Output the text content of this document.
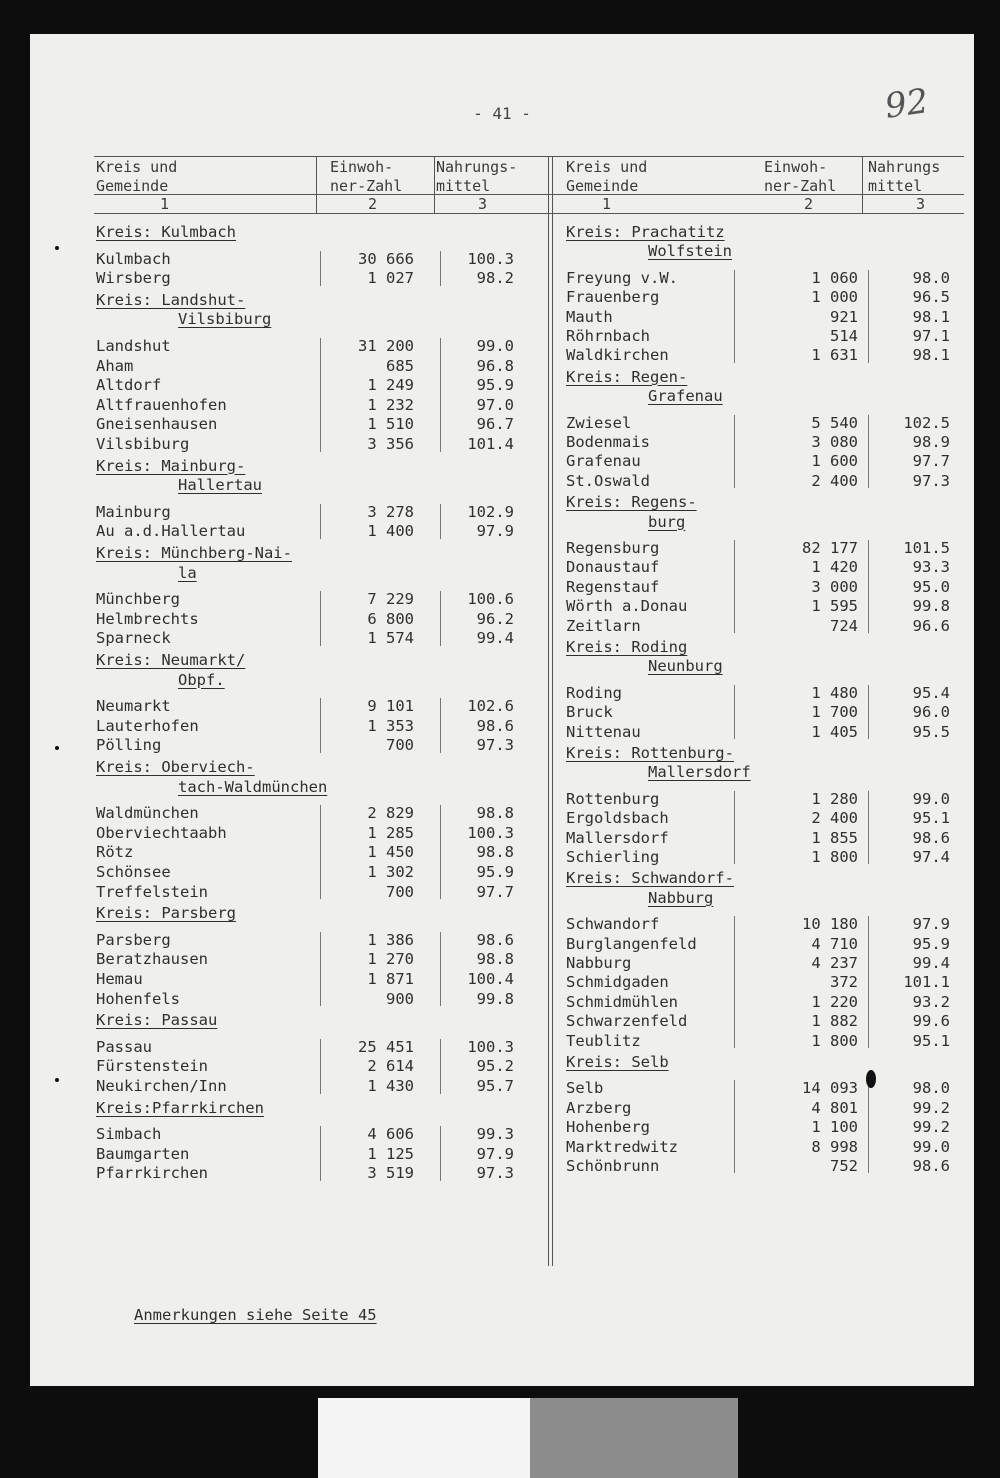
- 41 -	92
Kreis und
Gemeinde
Einwoh-
ner-Zahl
Nahrungs-
mittel
Kreis und
Gemeinde
Einwoh-
ner-Zahl
Nahrungs
mittel
1	2	3	1	2	3
Kreis: Kulmbach
Kulmbach	30 666	100.3
Wirsberg	1 027	98.2
Kreis: Landshut-
Vilsbiburg
Landshut	31 200	99.0
Aham	685	96.8
Altdorf	1 249	95.9
Altfrauenhofen	1 232	97.0
Gneisenhausen	1 510	96.7
Vilsbiburg	3 356	101.4
Kreis: Mainburg-
Hallertau
Mainburg	3 278	102.9
Au a.d.Hallertau	1 400	97.9
Kreis: Münchberg-Nai-
la
Münchberg	7 229	100.6
Helmbrechts	6 800	96.2
Sparneck	1 574	99.4
Kreis: Neumarkt/
Obpf.
Neumarkt	9 101	102.6
Lauterhofen	1 353	98.6
Pölling	700	97.3
Kreis: Oberviech-
tach-Waldmünchen
Waldmünchen	2 829	98.8
Oberviechtaabh	1 285	100.3
Rötz	1 450	98.8
Schönsee	1 302	95.9
Treffelstein	700	97.7
Kreis: Parsberg
Parsberg	1 386	98.6
Beratzhausen	1 270	98.8
Hemau	1 871	100.4
Hohenfels	900	99.8
Kreis: Passau
Passau	25 451	100.3
Fürstenstein	2 614	95.2
Neukirchen/Inn	1 430	95.7
Kreis:Pfarrkirchen
Simbach	4 606	99.3
Baumgarten	1 125	97.9
Pfarrkirchen	3 519	97.3
Kreis: Prachatitz
Wolfstein
Freyung v.W.	1 060	98.0
Frauenberg	1 000	96.5
Mauth	921	98.1
Röhrnbach	514	97.1
Waldkirchen	1 631	98.1
Kreis: Regen-
Grafenau
Zwiesel	5 540	102.5
Bodenmais	3 080	98.9
Grafenau	1 600	97.7
St.Oswald	2 400	97.3
Kreis: Regens-
burg
Regensburg	82 177	101.5
Donaustauf	1 420	93.3
Regenstauf	3 000	95.0
Wörth a.Donau	1 595	99.8
Zeitlarn	724	96.6
Kreis: Roding
Neunburg
Roding	1 480	95.4
Bruck	1 700	96.0
Nittenau	1 405	95.5
Kreis: Rottenburg-
Mallersdorf
Rottenburg	1 280	99.0
Ergoldsbach	2 400	95.1
Mallersdorf	1 855	98.6
Schierling	1 800	97.4
Kreis: Schwandorf-
Nabburg
Schwandorf	10 180	97.9
Burglangenfeld	4 710	95.9
Nabburg	4 237	99.4
Schmidgaden	372	101.1
Schmidmühlen	1 220	93.2
Schwarzenfeld	1 882	99.6
Teublitz	1 800	95.1
Kreis: Selb
Selb	14 093	98.0
Arzberg	4 801	99.2
Hohenberg	1 100	99.2
Marktredwitz	8 998	99.0
Schönbrunn	752	98.6
Anmerkungen siehe Seite 45
